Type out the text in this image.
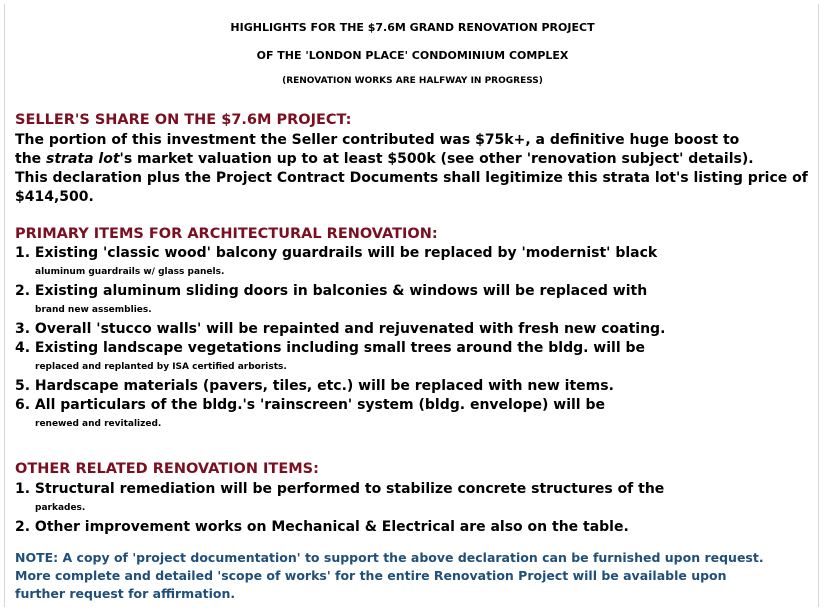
HIGHLIGHTS FOR THE $7.6M GRAND RENOVATION PROJECT
OF THE 'LONDON PLACE' CONDOMINIUM COMPLEX
(RENOVATION WORKS ARE HALFWAY IN PROGRESS)
SELLER'S SHARE ON THE $7.6M PROJECT:
The portion of this investment the Seller contributed was $75k+, a definitive huge boost to
the strata lot's market valuation up to at least $500k (see other 'renovation subject' details).
This declaration plus the Project Contract Documents shall legitimize this strata lot's listing price of
$414,500.
PRIMARY ITEMS FOR ARCHITECTURAL RENOVATION:
1. Existing 'classic wood' balcony guardrails will be replaced by 'modernist' black
aluminum guardrails w/ glass panels.
2. Existing aluminum sliding doors in balconies & windows will be replaced with
brand new assemblies.
3. Overall 'stucco walls' will be repainted and rejuvenated with fresh new coating.
4. Existing landscape vegetations including small trees around the bldg. will be
replaced and replanted by ISA certified arborists.
5. Hardscape materials (pavers, tiles, etc.) will be replaced with new items.
6. All particulars of the bldg.'s 'rainscreen' system (bldg. envelope) will be
renewed and revitalized.
OTHER RELATED RENOVATION ITEMS:
1. Structural remediation will be performed to stabilize concrete structures of the
parkades.
2. Other improvement works on Mechanical & Electrical are also on the table.
NOTE: A copy of 'project documentation' to support the above declaration can be furnished upon request.
More complete and detailed 'scope of works' for the entire Renovation Project will be available upon
further request for affirmation.
